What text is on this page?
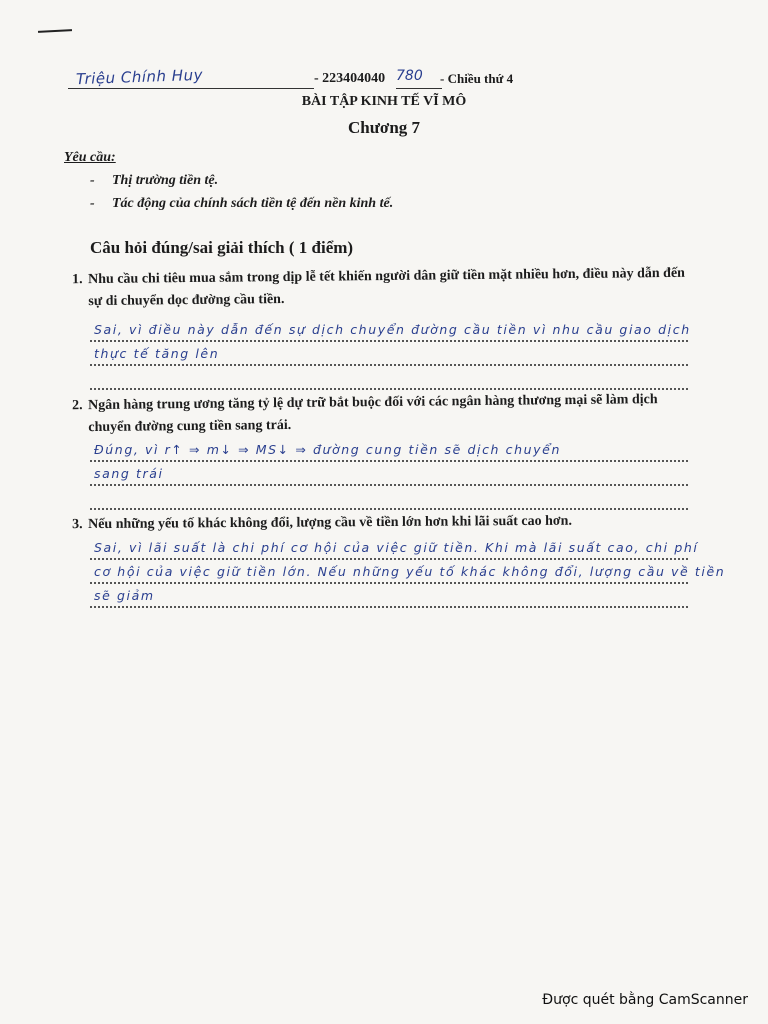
Triệu Chính Huy	- 223404040 780 - Chiều thứ 4
BÀI TẬP KINH TẾ VĨ MÔ
Chương 7
Yêu cầu:
- Thị trường tiền tệ.
- Tác động của chính sách tiền tệ đến nền kinh tế.
Câu hỏi đúng/sai giải thích ( 1 điểm)
1. Nhu cầu chi tiêu mua sắm trong dịp lễ tết khiến người dân giữ tiền mặt nhiều hơn, điều này dẫn đến sự di chuyển dọc đường cầu tiền.
Sai, vì điều này dẫn đến sự dịch chuyển đường cầu tiền vì nhu cầu giao dịch
thực tế tăng lên
2. Ngân hàng trung ương tăng tỷ lệ dự trữ bắt buộc đối với các ngân hàng thương mại sẽ làm dịch chuyển đường cung tiền sang trái.
Đúng, vì r↑ ⇒ m↓ ⇒ MS↓ ⇒ đường cung tiền sẽ dịch chuyển
sang trái
3. Nếu những yếu tố khác không đổi, lượng cầu về tiền lớn hơn khi lãi suất cao hơn.
Sai, vì lãi suất là chi phí cơ hội của việc giữ tiền. Khi mà lãi suất cao, chi phí
cơ hội của việc giữ tiền lớn. Nếu những yếu tố khác không đổi, lượng cầu về tiền
sẽ giảm
Được quét bằng CamScanner
